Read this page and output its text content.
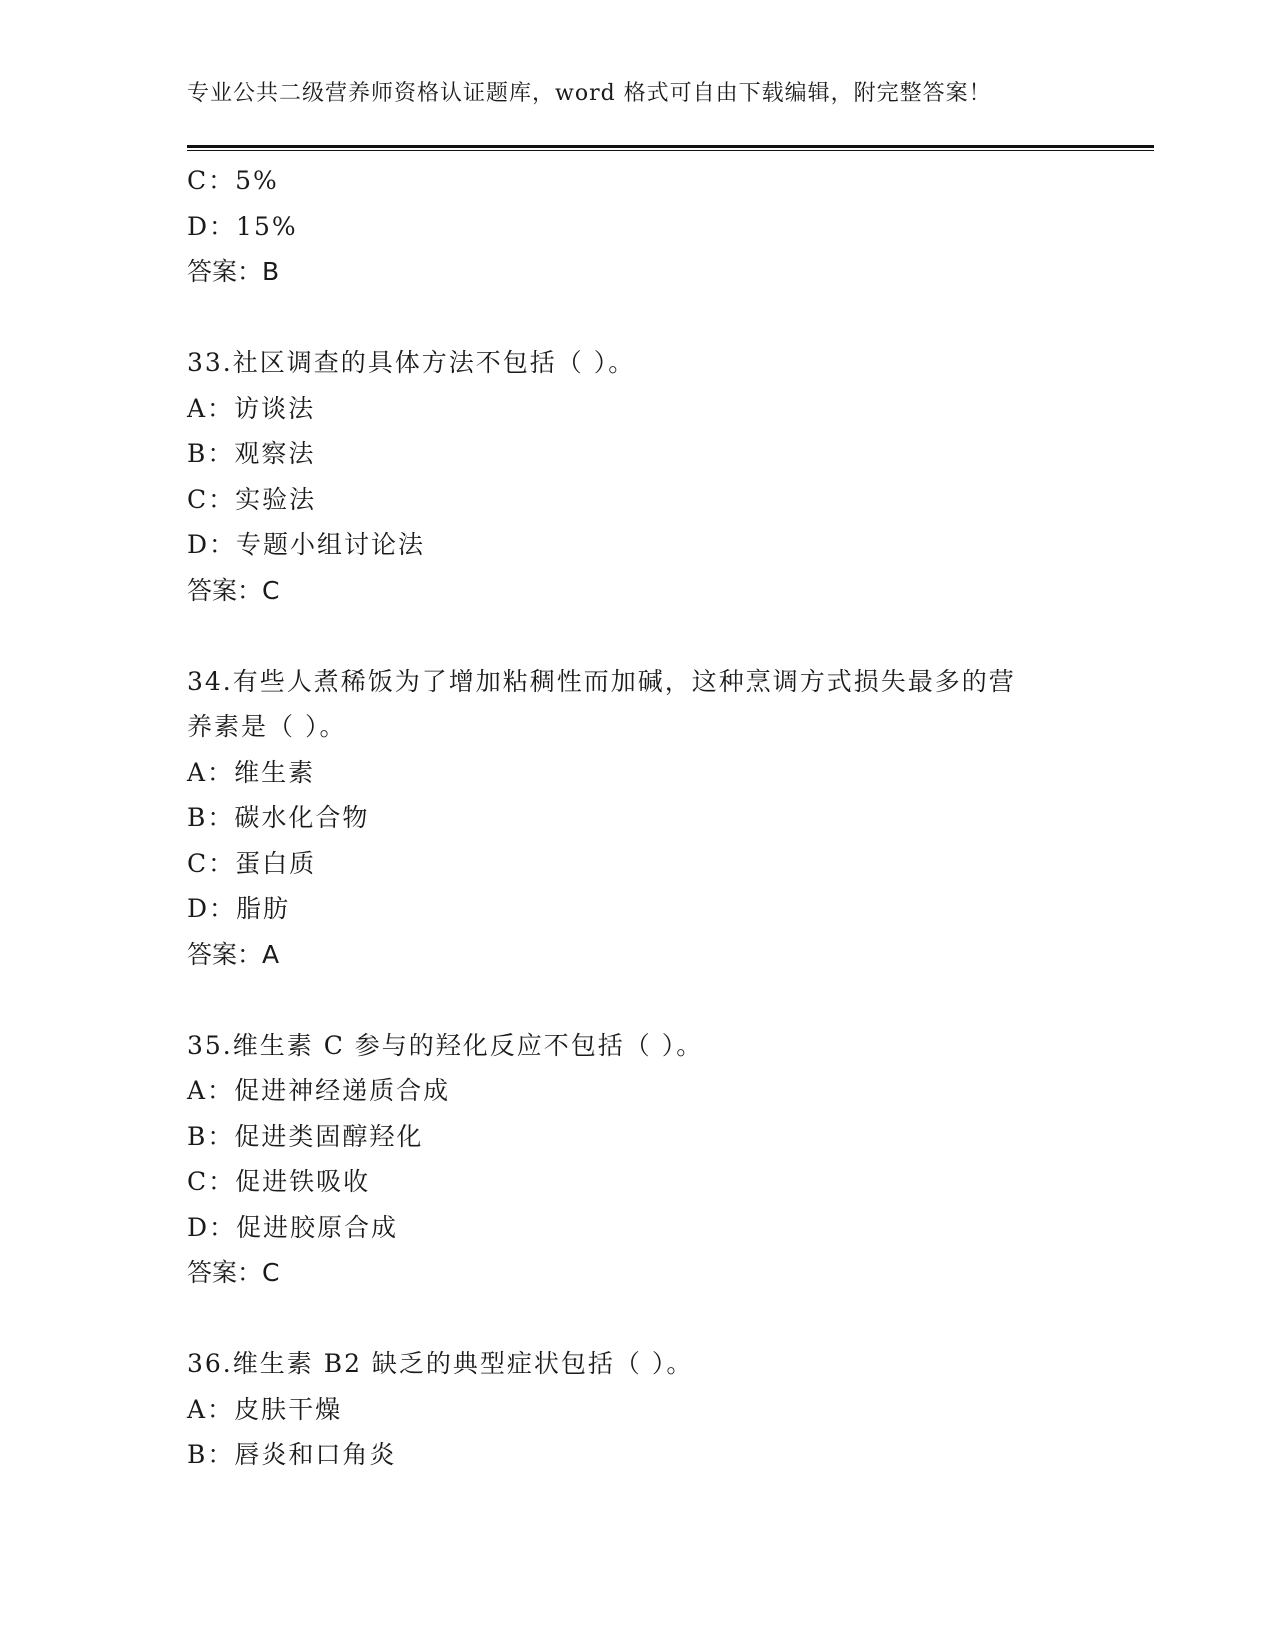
专业公共二级营养师资格认证题库，word 格式可自由下载编辑，附完整答案！
C：5%
D：15%
答案：B
33.社区调查的具体方法不包括（ ）。
A：访谈法
B：观察法
C：实验法
D：专题小组讨论法
答案：C
34.有些人煮稀饭为了增加粘稠性而加碱，这种烹调方式损失最多的营
养素是（ ）。
A：维生素
B：碳水化合物
C：蛋白质
D：脂肪
答案：A
35.维生素 C 参与的羟化反应不包括（ ）。
A：促进神经递质合成
B：促进类固醇羟化
C：促进铁吸收
D：促进胶原合成
答案：C
36.维生素 B2 缺乏的典型症状包括（ ）。
A：皮肤干燥
B：唇炎和口角炎
